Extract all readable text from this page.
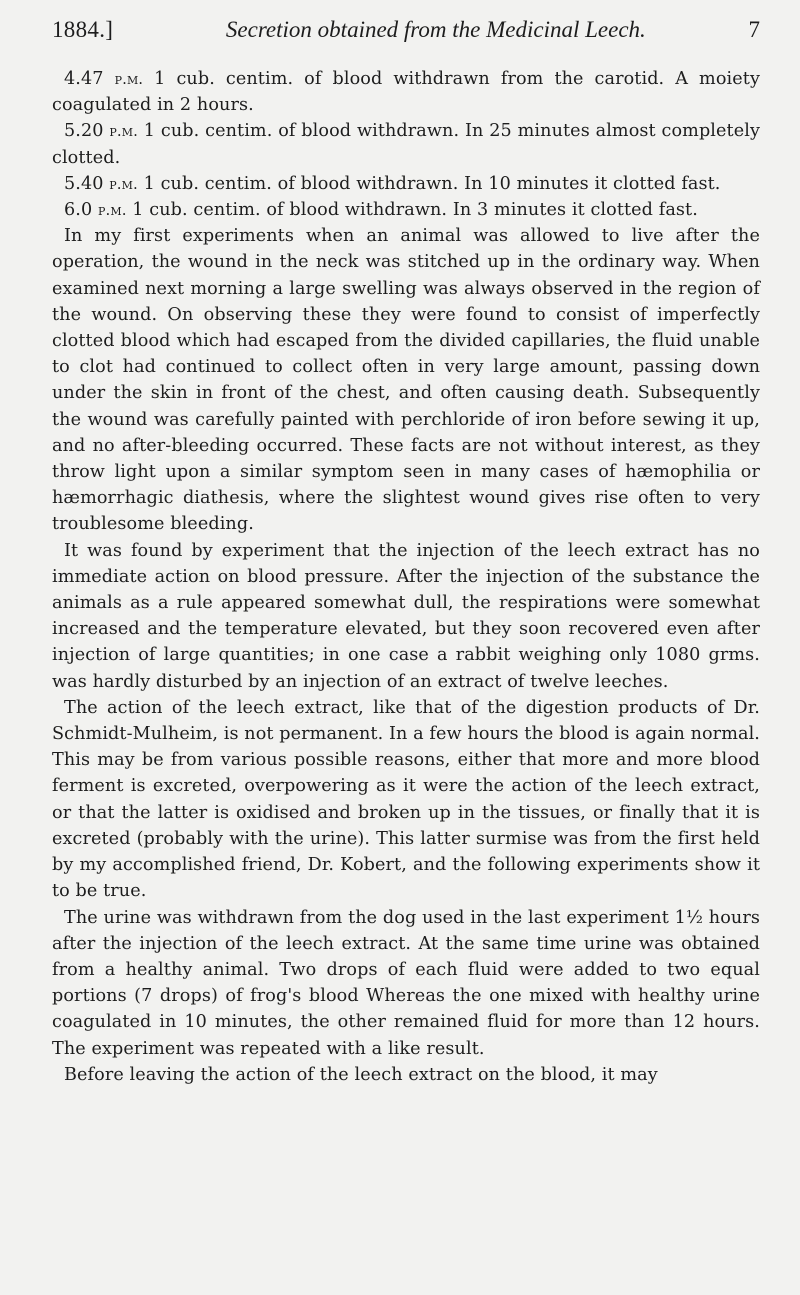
1884.]	Secretion obtained from the Medicinal Leech.	7

4.47 p.m. 1 cub. centim. of blood withdrawn from the carotid. A moiety coagulated in 2 hours.

5.20 p.m. 1 cub. centim. of blood withdrawn. In 25 minutes almost completely clotted.

5.40 p.m. 1 cub. centim. of blood withdrawn. In 10 minutes it clotted fast.

6.0 p.m. 1 cub. centim. of blood withdrawn. In 3 minutes it clotted fast.

In my first experiments when an animal was allowed to live after the operation, the wound in the neck was stitched up in the ordinary way. When examined next morning a large swelling was always observed in the region of the wound. On observing these they were found to consist of imperfectly clotted blood which had escaped from the divided capillaries, the fluid unable to clot had continued to collect often in very large amount, passing down under the skin in front of the chest, and often causing death. Subsequently the wound was carefully painted with perchloride of iron before sewing it up, and no after-bleeding occurred. These facts are not without interest, as they throw light upon a similar symptom seen in many cases of hæmophilia or hæmorrhagic diathesis, where the slightest wound gives rise often to very troublesome bleeding.

It was found by experiment that the injection of the leech extract has no immediate action on blood pressure. After the injection of the substance the animals as a rule appeared somewhat dull, the respirations were somewhat increased and the temperature elevated, but they soon recovered even after injection of large quantities; in one case a rabbit weighing only 1080 grms. was hardly disturbed by an injection of an extract of twelve leeches.

The action of the leech extract, like that of the digestion products of Dr. Schmidt-Mulheim, is not permanent. In a few hours the blood is again normal. This may be from various possible reasons, either that more and more blood ferment is excreted, overpowering as it were the action of the leech extract, or that the latter is oxidised and broken up in the tissues, or finally that it is excreted (probably with the urine). This latter surmise was from the first held by my accomplished friend, Dr. Kobert, and the following experiments show it to be true.

The urine was withdrawn from the dog used in the last experiment 1½ hours after the injection of the leech extract. At the same time urine was obtained from a healthy animal. Two drops of each fluid were added to two equal portions (7 drops) of frog's blood Whereas the one mixed with healthy urine coagulated in 10 minutes, the other remained fluid for more than 12 hours. The experiment was repeated with a like result.

Before leaving the action of the leech extract on the blood, it may
